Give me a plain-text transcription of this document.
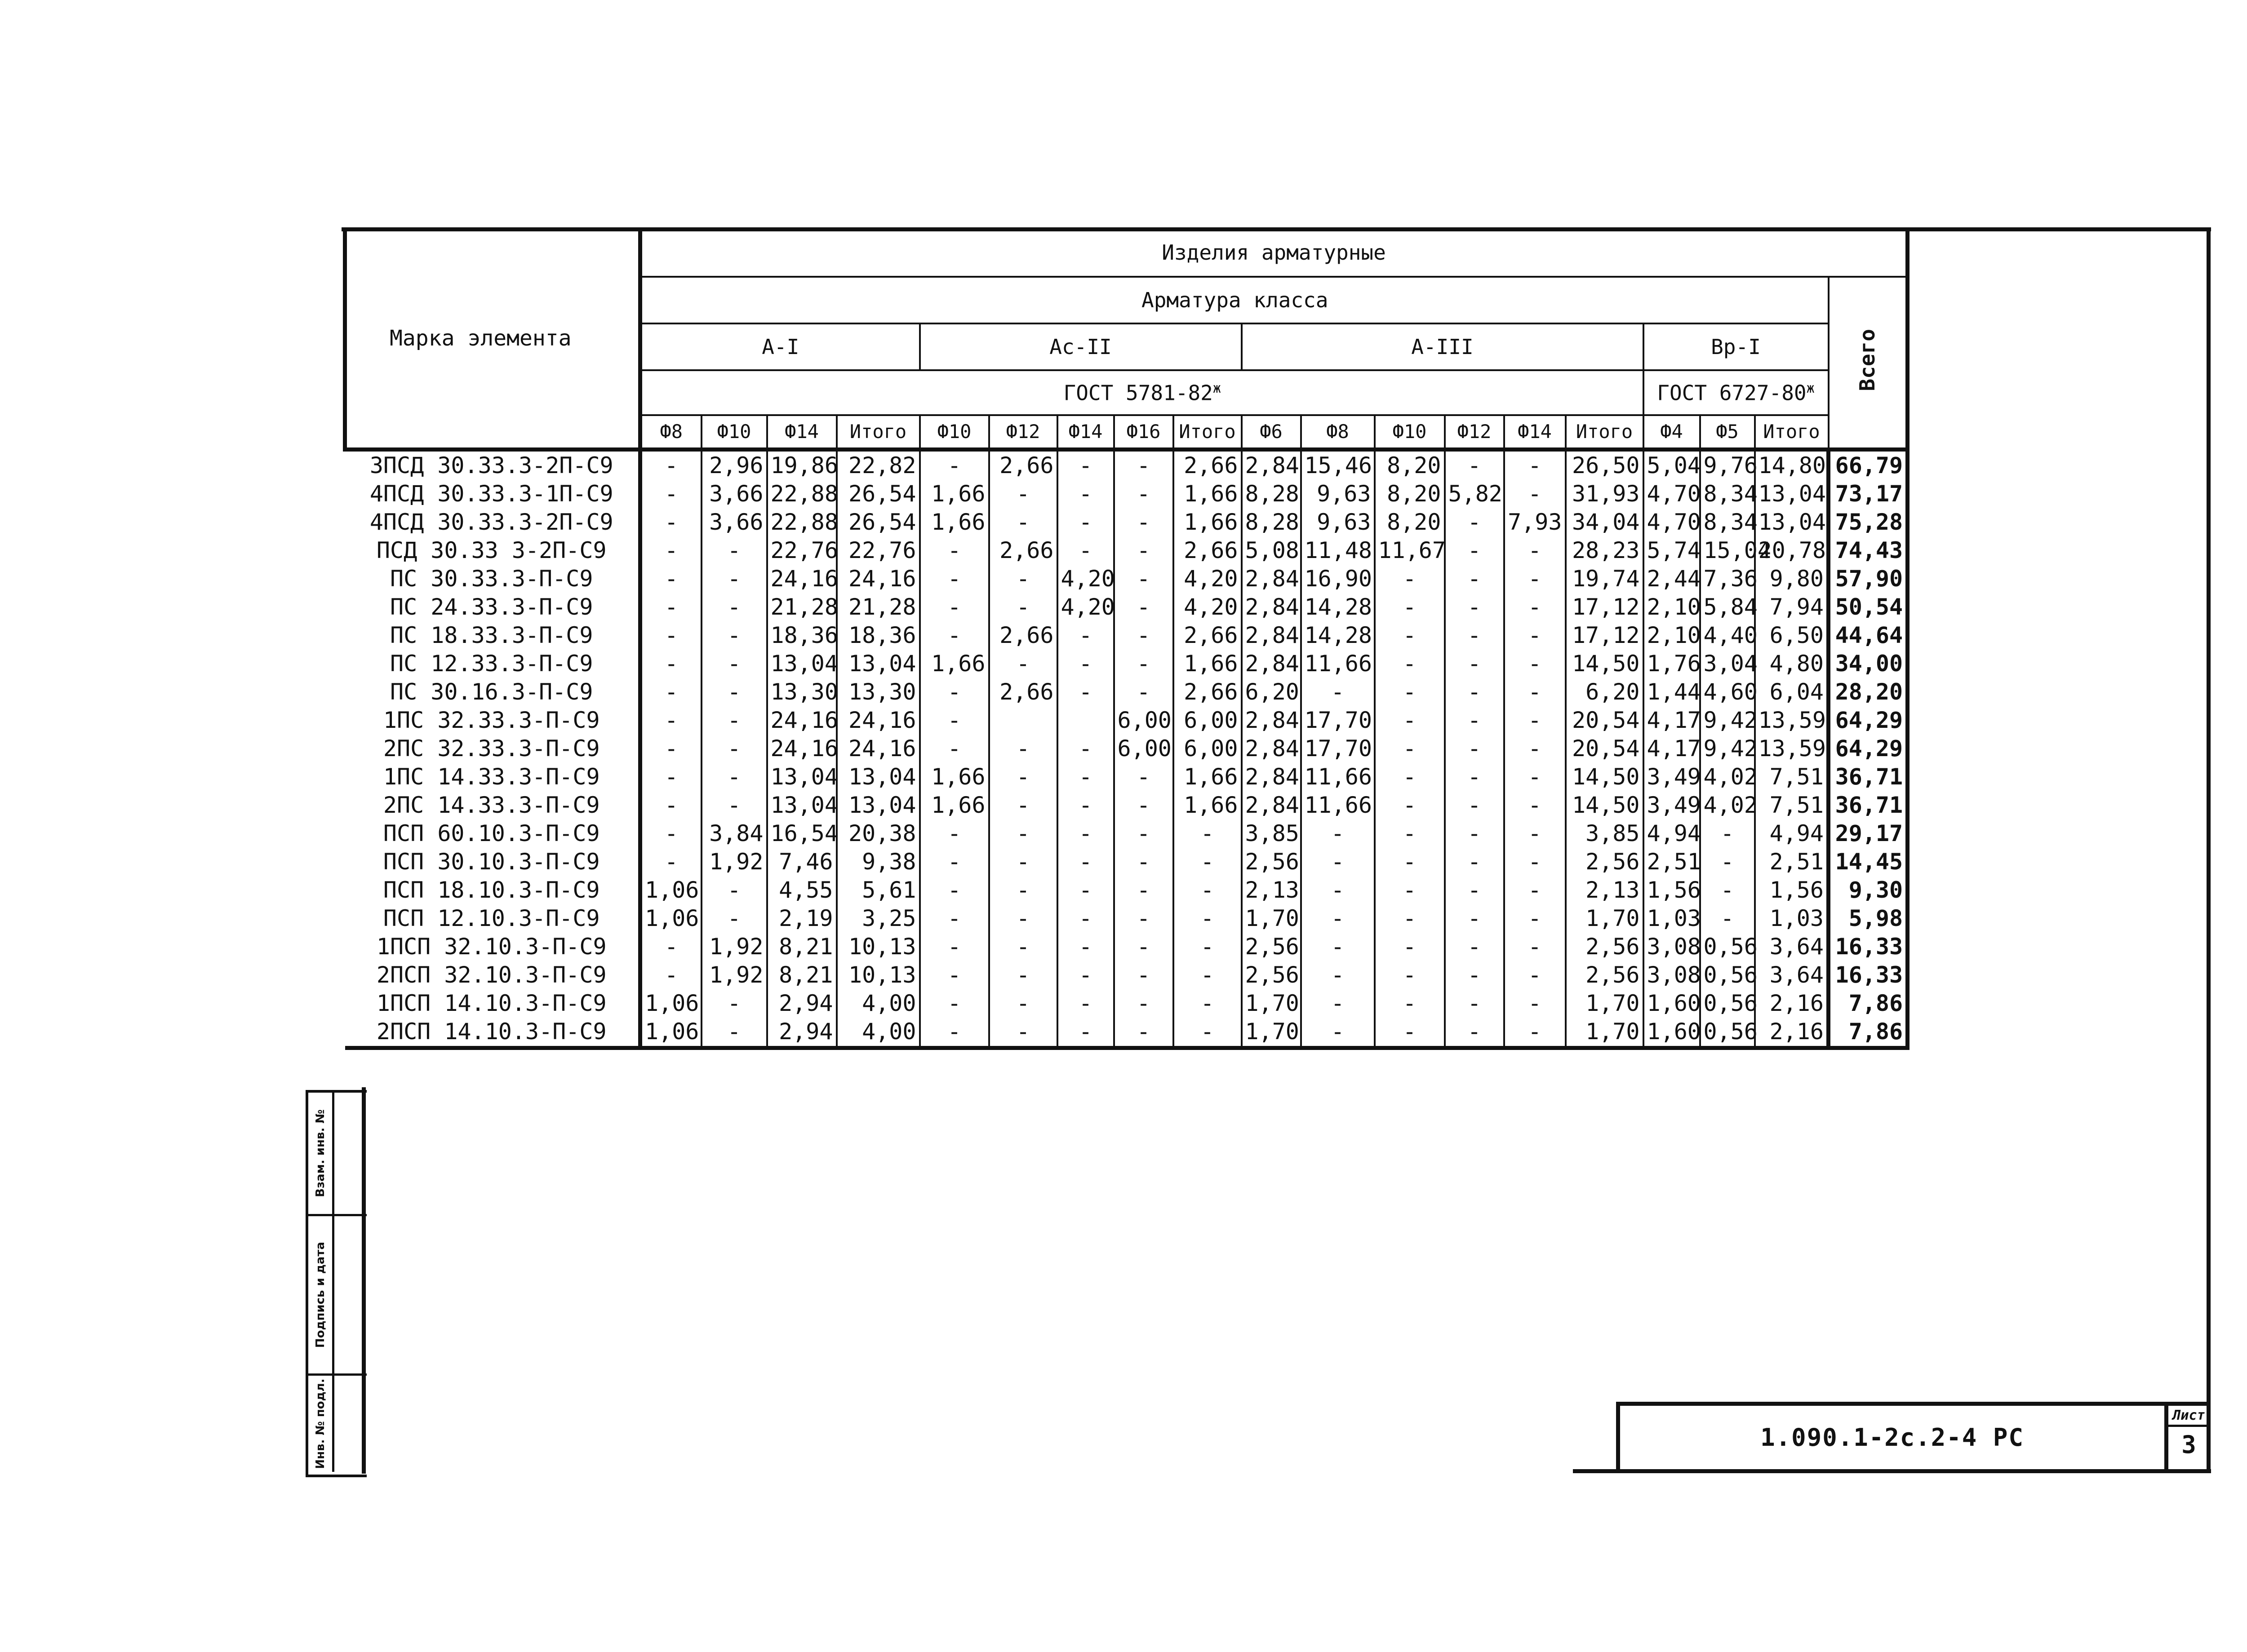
Марка элемента	Изделия арматурные																		
	Арматура класса																		Всего
	А-I				Ас-II					А-III						Вр-I			
	ГОСТ $5781-82^ж$															ГОСТ $6727-80^ж$
	Ф8	Ф10	Ф14	Итого	Ф10	Ф12	Ф14	Ф16	Итого	Ф6	Ф8	Ф10	Ф12	Ф14	Итого	Ф4	Ф5	Итого	
3ПСД 30.33.3-2П-С9	-	2,96	19,86	22,82	-	2,66	-	-	2,66	2,84	15,46	8,20	-	-	26,50	5,04	9,76	14,80	66,79
4ПСД 30.33.3-1П-С9	-	3,66	22,88	26,54	1,66	-	-	-	1,66	8,28	9,63	8,20	5,82	-	31,93	4,70	8,34	13,04	73,17
4ПСД 30.33.3-2П-С9	-	3,66	22,88	26,54	1,66	-	-	-	1,66	8,28	9,63	8,20	-	7,93	34,04	4,70	8,34	13,04	75,28
ПСД 30.33 3-2П-С9	-	-	22,76	22,76	-	2,66	-	-	2,66	5,08	11,48	11,67	-	-	28,23	5,74	15,04	20,78	74,43
ПС 30.33.3-П-С9	-	-	24,16	24,16	-	-	4,20	-	4,20	2,84	16,90	-	-	-	19,74	2,44	7,36	9,80	57,90
ПС 24.33.3-П-С9	-	-	21,28	21,28	-	-	4,20	-	4,20	2,84	14,28	-	-	-	17,12	2,10	5,84	7,94	50,54
ПС 18.33.3-П-С9	-	-	18,36	18,36	-	2,66	-	-	2,66	2,84	14,28	-	-	-	17,12	2,10	4,40	6,50	44,64
ПС 12.33.3-П-С9	-	-	13,04	13,04	1,66	-	-	-	1,66	2,84	11,66	-	-	-	14,50	1,76	3,04	4,80	34,00
ПС 30.16.3-П-С9	-	-	13,30	13,30	-	2,66	-	-	2,66	6,20	-	-	-	-	6,20	1,44	4,60	6,04	28,20
1ПС 32.33.3-П-С9	-	-	24,16	24,16	-			6,00	6,00	2,84	17,70	-	-	-	20,54	4,17	9,42	13,59	64,29
2ПС 32.33.3-П-С9	-	-	24,16	24,16	-	-	-	6,00	6,00	2,84	17,70	-	-	-	20,54	4,17	9,42	13,59	64,29
1ПС 14.33.3-П-С9	-	-	13,04	13,04	1,66	-	-	-	1,66	2,84	11,66	-	-	-	14,50	3,49	4,02	7,51	36,71
2ПС 14.33.3-П-С9	-	-	13,04	13,04	1,66	-	-	-	1,66	2,84	11,66	-	-	-	14,50	3,49	4,02	7,51	36,71
ПСП 60.10.3-П-С9	-	3,84	16,54	20,38	-	-	-	-	-	3,85	-	-	-	-	3,85	4,94	-	4,94	29,17
ПСП 30.10.3-П-С9	-	1,92	7,46	9,38	-	-	-	-	-	2,56	-	-	-	-	2,56	2,51	-	2,51	14,45
ПСП 18.10.3-П-С9	1,06	-	4,55	5,61	-	-	-	-	-	2,13	-	-	-	-	2,13	1,56	-	1,56	9,30
ПСП 12.10.3-П-С9	1,06	-	2,19	3,25	-	-	-	-	-	1,70	-	-	-	-	1,70	1,03	-	1,03	5,98
1ПСП 32.10.3-П-С9	-	1,92	8,21	10,13	-	-	-	-	-	2,56	-	-	-	-	2,56	3,08	0,56	3,64	16,33
2ПСП 32.10.3-П-С9	-	1,92	8,21	10,13	-	-	-	-	-	2,56	-	-	-	-	2,56	3,08	0,56	3,64	16,33
1ПСП 14.10.3-П-С9	1,06	-	2,94	4,00	-	-	-	-	-	1,70	-	-	-	-	1,70	1,60	0,56	2,16	7,86
2ПСП 14.10.3-П-С9	1,06	-	2,94	4,00	-	-	-	-	-	1,70	-	-	-	-	1,70	1,60	0,56	2,16	7,86
Взам. инв. №
Подпись и дата
Инв. № подл.	1.090.1-2с.2-4 РС
Лист
3
